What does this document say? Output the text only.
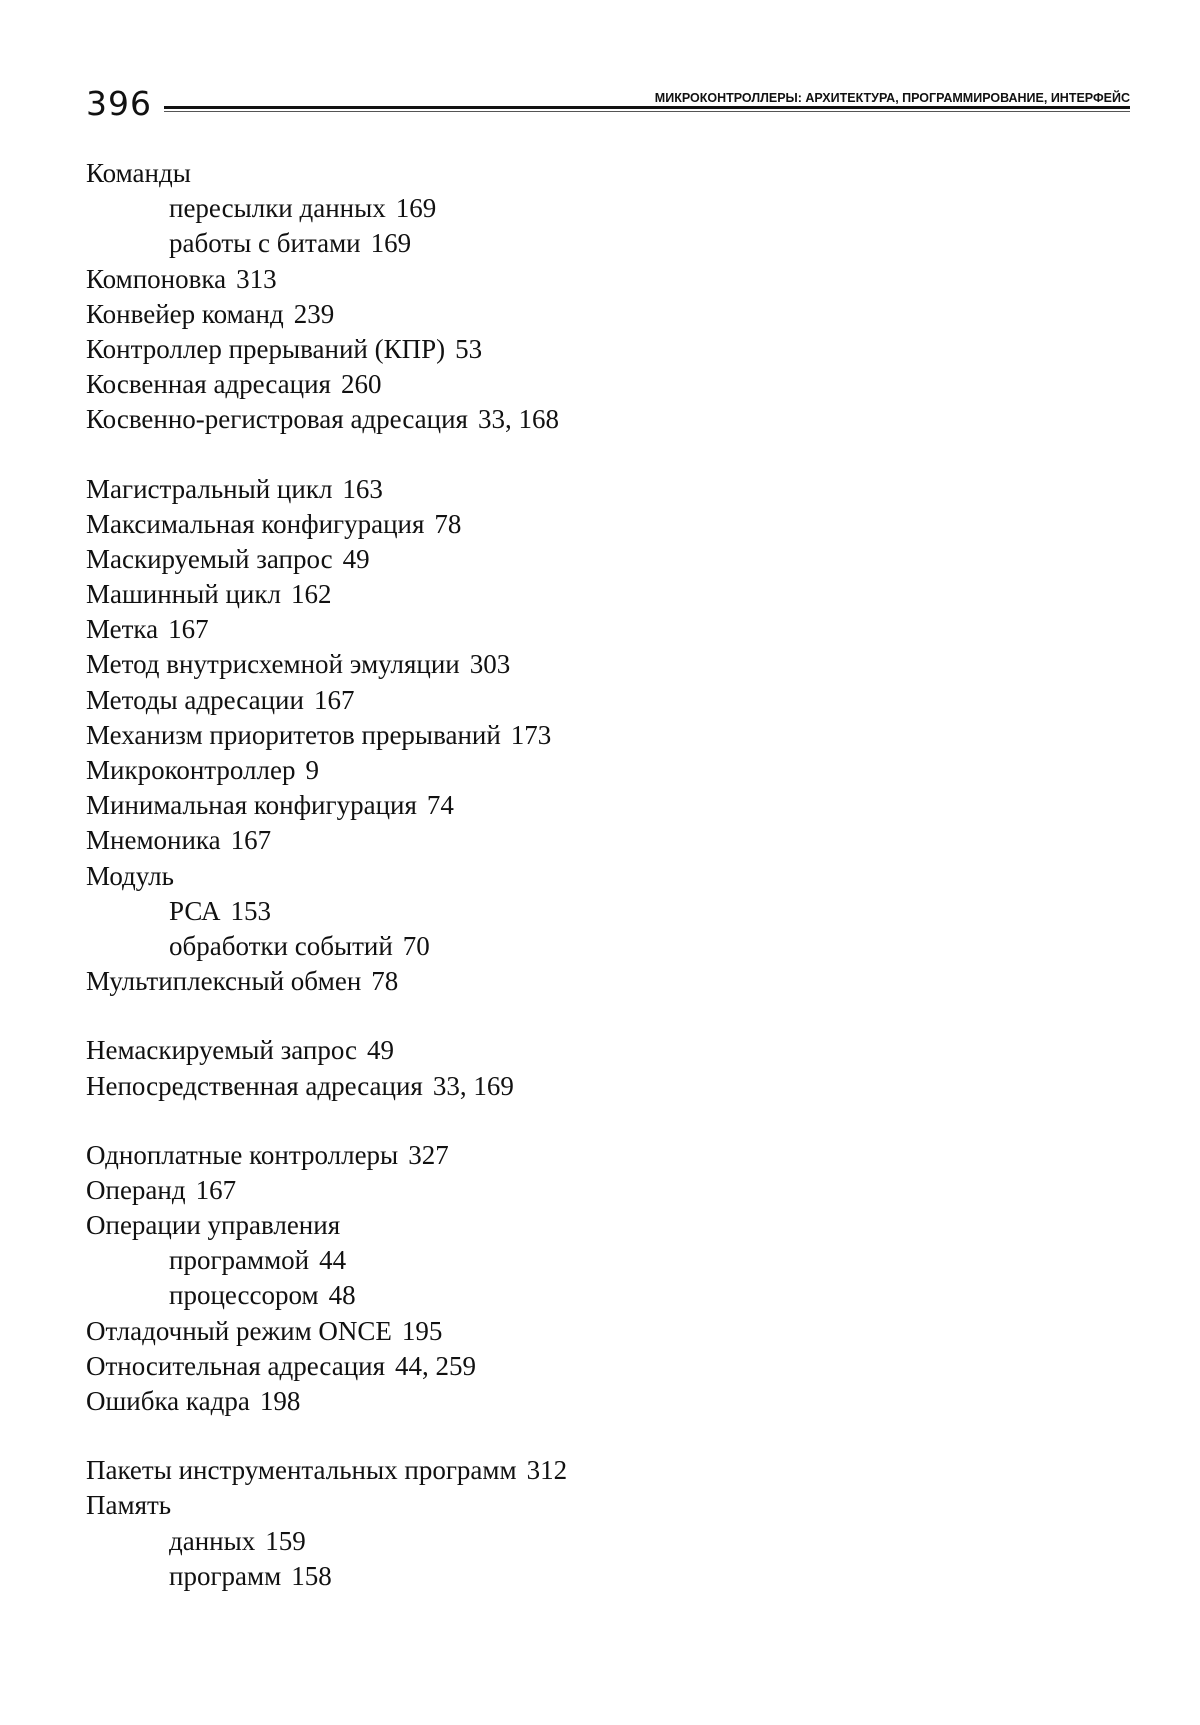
396	МИКРОКОНТРОЛЛЕРЫ: АРХИТЕКТУРА, ПРОГРАММИРОВАНИЕ, ИНТЕРФЕЙС
Команды
пересылки данных 169
работы с битами 169
Компоновка 313
Конвейер команд 239
Контроллер прерываний (КПР) 53
Косвенная адресация 260
Косвенно-регистровая адресация 33, 168
Магистральный цикл 163
Максимальная конфигурация 78
Маскируемый запрос 49
Машинный цикл 162
Метка 167
Метод внутрисхемной эмуляции 303
Методы адресации 167
Механизм приоритетов прерываний 173
Микроконтроллер 9
Минимальная конфигурация 74
Мнемоника 167
Модуль
РСА 153
обработки событий 70
Мультиплексный обмен 78
Немаскируемый запрос 49
Непосредственная адресация 33, 169
Одноплатные контроллеры 327
Операнд 167
Операции управления
программой 44
процессором 48
Отладочный режим ONCE 195
Относительная адресация 44, 259
Ошибка кадра 198
Пакеты инструментальных программ 312
Память
данных 159
программ 158
